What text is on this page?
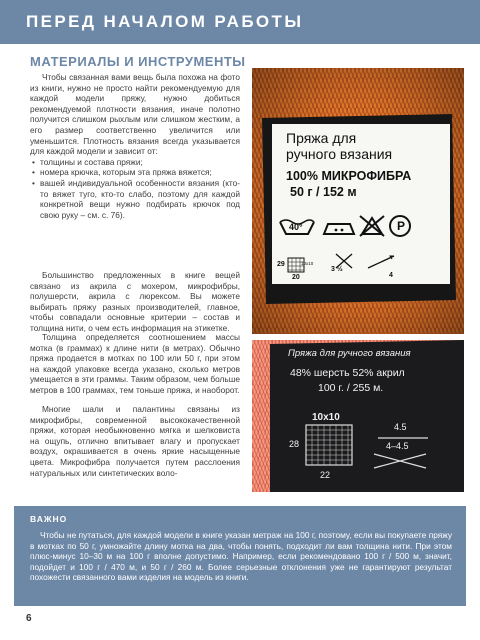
ПЕРЕД НАЧАЛОМ РАБОТЫ
МАТЕРИАЛЫ И ИНСТРУМЕНТЫ

Чтобы связанная вами вещь была похожа на фото из книги, нужно не просто найти рекомендуемую для каждой модели пряжу, нужно добиться рекомендуемой плотности вязания, иначе полотно получится слишком рыхлым или слишком жестким, а его размер соответственно увеличится или уменьшится. Плотность вязания всегда указывается для каждой модели и зависит от:

• толщины и состава пряжи;

• номера крючка, которым эта пряжа вяжется;

• вашей индивидуальной особенности вязания (кто-то вяжет туго, кто-то слабо, поэтому для каждой конкретной вещи нужно подбирать крючок под свою руку – см. с. 76).

Большинство предложенных в книге вещей связано из акрила с мохером, микрофибры, полушерсти, акрила с люрексом. Вы можете выбирать пряжу разных производителей, главное, чтобы совпадали основные критерии – состав и толщина нити, о чем есть информация на этикетке.

Толщина определяется соотношением массы мотка (в граммах) к длине нити (в метрах). Обычно пряжа продается в мотках по 100 или 50 г, при этом на каждой упаковке всегда указано, сколько метров умещается в эти граммы. Таким образом, чем больше метров в 100 граммах, тем тоньше пряжа, и наоборот.

Многие шали и палантины связаны из микрофибры, современной высококачественной пряжи, которая необыкновенно мягка и шелковиста на ощупь, отлично впитывает влагу и пропускает воздух, окрашивается в очень яркие насыщенные цвета. Микрофибра получается путем расслоения натуральных или синтетических воло-

Пряжа для
ручного вязания
100% МИКРОФИБРА
50 г / 152 м
40°	P
10x10
29
20
3 ½
4
Пряжа для ручного вязания
48% шерсть 52% акрил
100 г. / 255 м.
10x10
28
22
4.5
4–4.5
ВАЖНО
Чтобы не путаться, для каждой модели в книге указан метраж на 100 г, поэтому, если вы покупаете пряжу в мотках по 50 г, умножайте длину мотка на два, чтобы понять, подходит ли вам толщина нити. При этом плюс-минус 10–30 м на 100 г вполне допустимо. Например, если рекомендовано 100 г / 500 м, значит, подойдет и 100 г / 470 м, и 50 г / 260 м. Более серьезные отклонения уже не гарантируют результат похожести связанного вами изделия на модель из книги.
6
